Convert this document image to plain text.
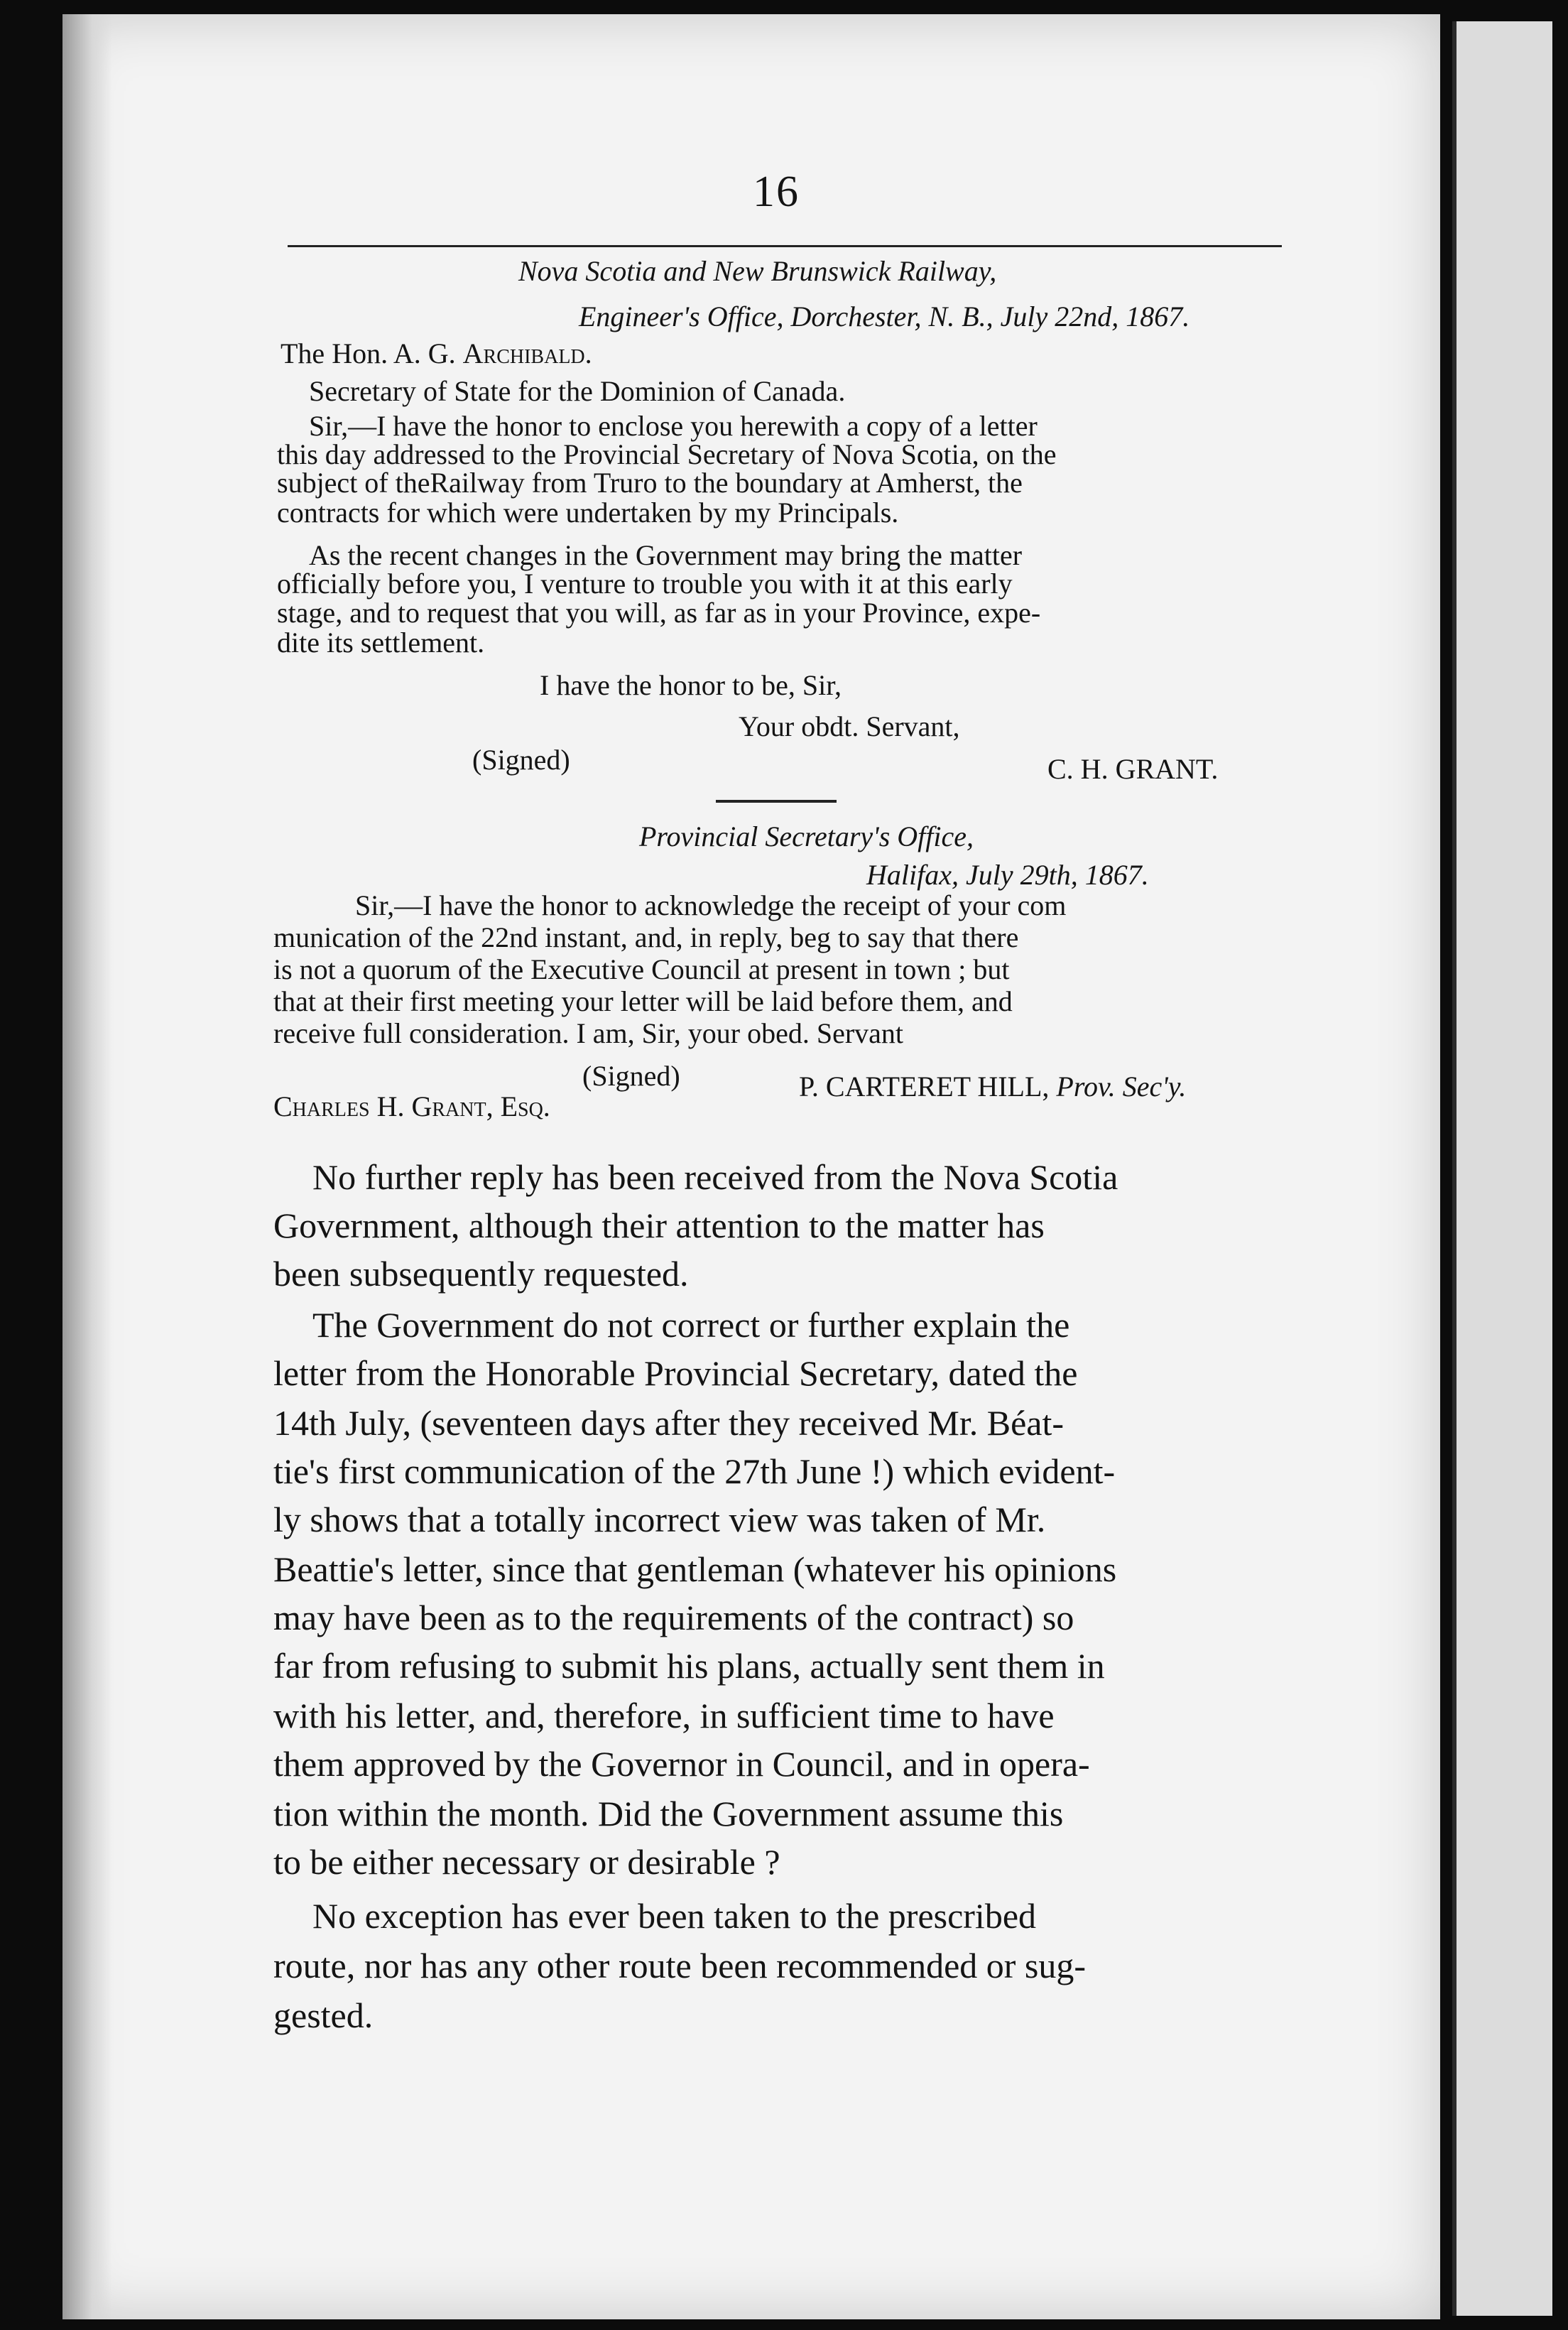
16
Nova Scotia and New Brunswick Railway,
Engineer's Office, Dorchester, N. B., July 22nd, 1867.
The Hon. A. G. Archibald.
Secretary of State for the Dominion of Canada.
Sir,—I have the honor to enclose you herewith a copy of a letter
this day addressed to the Provincial Secretary of Nova Scotia, on the
subject of theRailway from Truro to the boundary at Amherst, the
contracts for which were undertaken by my Principals.
As the recent changes in the Government may bring the matter
officially before you, I venture to trouble you with it at this early
stage, and to request that you will, as far as in your Province, expe-
dite its settlement.
I have the honor to be, Sir,
Your obdt. Servant,
(Signed)	C. H. GRANT.
Provincial Secretary's Office,
Halifax, July 29th, 1867.
Sir,—I have the honor to acknowledge the receipt of your com
munication of the 22nd instant, and, in reply, beg to say that there
is not a quorum of the Executive Council at present in town ; but
that at their first meeting your letter will be laid before them, and
receive full consideration. I am, Sir, your obed. Servant
(Signed)	P. CARTERET HILL, Prov. Sec'y.
Charles H. Grant, Esq.
No further reply has been received from the Nova Scotia
Government, although their attention to the matter has
been subsequently requested.
The Government do not correct or further explain the
letter from the Honorable Provincial Secretary, dated the
14th July, (seventeen days after they received Mr. Béat-
tie's first communication of the 27th June !) which evident-
ly shows that a totally incorrect view was taken of Mr.
Beattie's letter, since that gentleman (whatever his opinions
may have been as to the requirements of the contract) so
far from refusing to submit his plans, actually sent them in
with his letter, and, therefore, in sufficient time to have
them approved by the Governor in Council, and in opera-
tion within the month. Did the Government assume this
to be either necessary or desirable ?
No exception has ever been taken to the prescribed
route, nor has any other route been recommended or sug-
gested.
